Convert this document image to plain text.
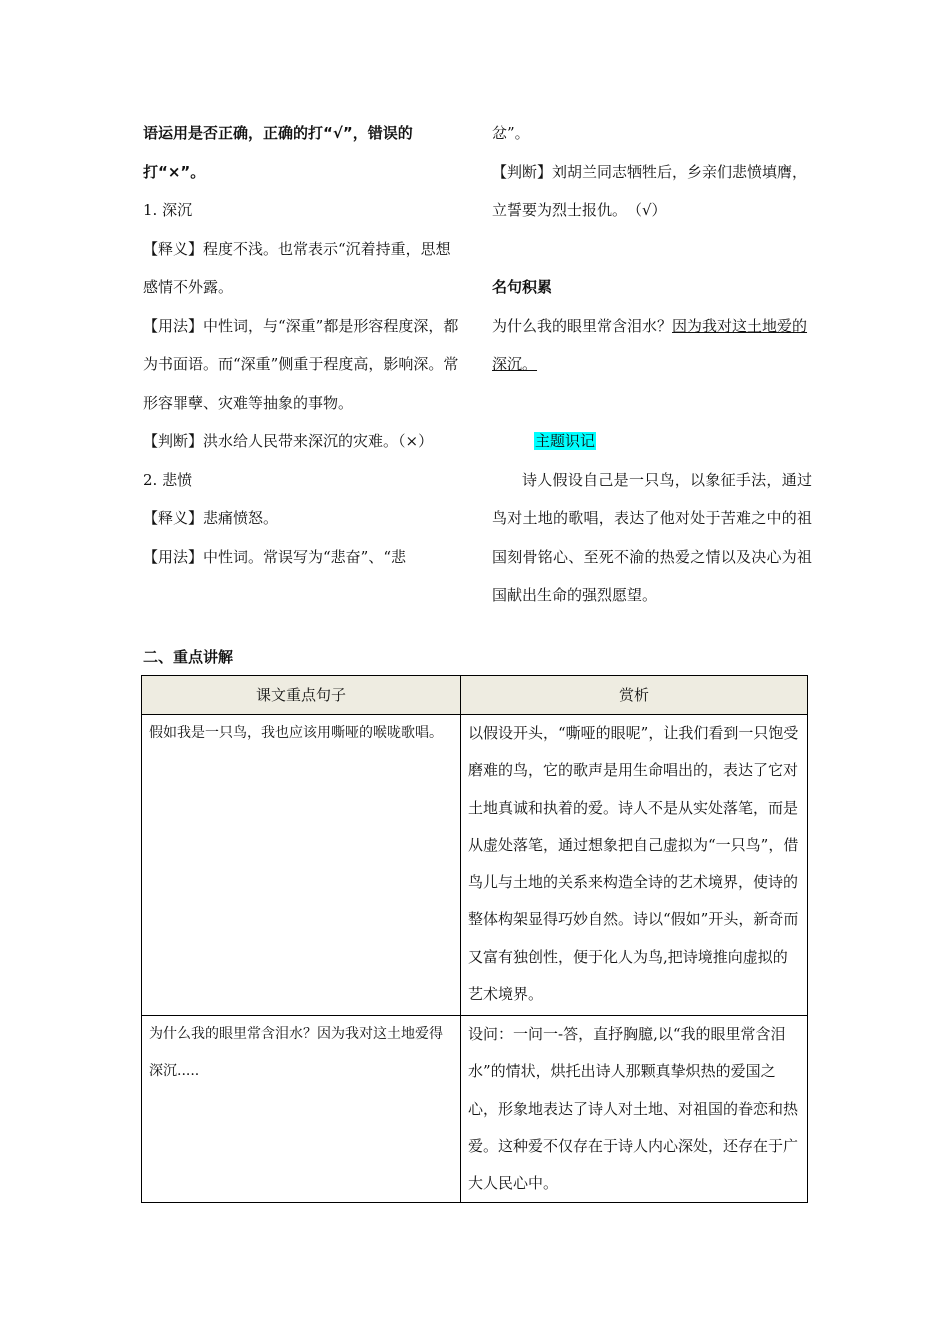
语运用是否正确，正确的打“√”，错误的打“×”。

1. 深沉

【释义】程度不浅。也常表示“沉着持重，思想感情不外露。

【用法】中性词，与“深重”都是形容程度深，都为书面语。而“深重”侧重于程度高，影响深。常形容罪孽、灾难等抽象的事物。

【判断】洪水给人民带来深沉的灾难。（×）

2. 悲愤

【释义】悲痛愤怒。

【用法】中性词。常误写为“悲奋”、“悲

忿”。

【判断】刘胡兰同志牺牲后，乡亲们悲愤填膺，立誓要为烈士报仇。　（√）

名句积累

为什么我的眼里常含泪水？因为我对这土地爱的深沉。

主题识记

诗人假设自己是一只鸟，以象征手法，通过鸟对土地的歌唱，表达了他对处于苦难之中的祖国刻骨铭心、至死不渝的热爱之情以及决心为祖国献出生命的强烈愿望。

二、重点讲解
课文重点句子	赏析
假如我是一只鸟，我也应该用嘶哑的喉咙歌唱。	以假设开头，“嘶哑的眼呢”，让我们看到一只饱受磨难的鸟，它的歌声是用生命唱出的，表达了它对土地真诚和执着的爱。诗人不是从实处落笔，而是从虚处落笔，通过想象把自己虚拟为“一只鸟”，借鸟儿与土地的关系来构造全诗的艺术境界，使诗的整体构架显得巧妙自然。诗以“假如”开头，新奇而又富有独创性，便于化人为鸟,把诗境推向虚拟的艺术境界。
为什么我的眼里常含泪水？因为我对这土地爱得深沉.....	设问：一问一-答，直抒胸臆,以“我的眼里常含泪水”的情状，烘托出诗人那颗真挚炽热的爱国之心，形象地表达了诗人对土地、对祖国的眷恋和热爱。这种爱不仅存在于诗人内心深处，还存在于广大人民心中。
